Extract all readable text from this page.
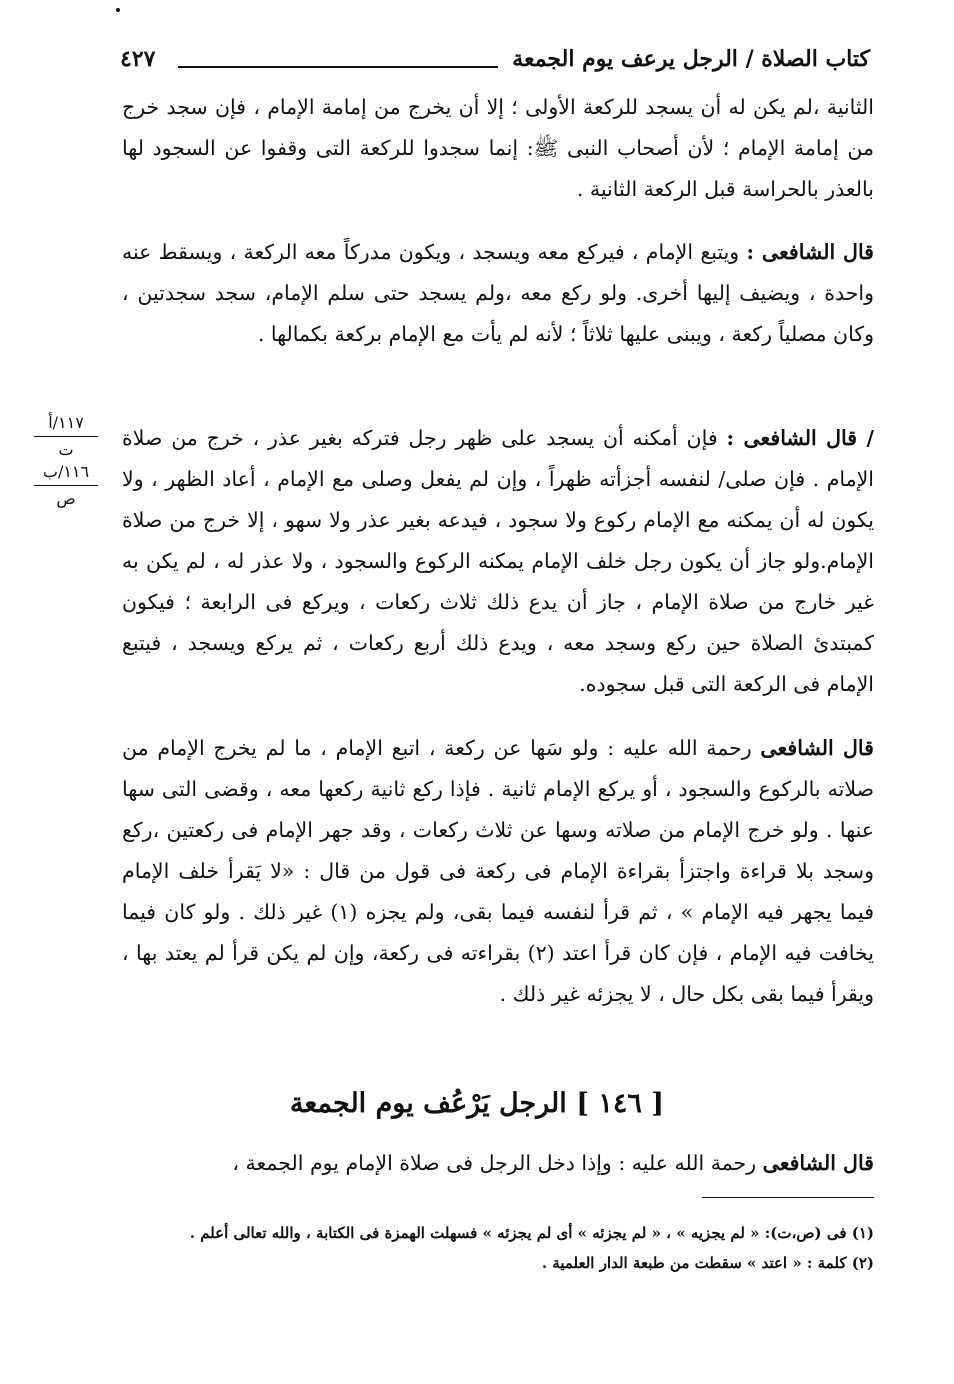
كتاب الصلاة / الرجل يرعف يوم الجمعة
٤٢٧
١١٧/أ
ت
١١٦/ب
ص

الثانية ،لم يكن له أن يسجد للركعة الأولى ؛ إلا أن يخرج من إمامة الإمام ، فإن سجد خرج من إمامة الإمام ؛ لأن أصحاب النبى ﷺ: إنما سجدوا للركعة التى وقفوا عن السجود لها بالعذر بالحراسة قبل الركعة الثانية .

قال الشافعى : ويتبع الإمام ، فيركع معه ويسجد ، ويكون مدركاً معه الركعة ، ويسقط عنه واحدة ، ويضيف إليها أخرى. ولو ركع معه ،ولم يسجد حتى سلم الإمام، سجد سجدتين ، وكان مصلياً ركعة ، ويبنى عليها ثلاثاً ؛ لأنه لم يأت مع الإمام بركعة بكمالها .

/ قال الشافعى : فإن أمكنه أن يسجد على ظهر رجل فتركه بغير عذر ، خرج من صلاة الإمام . فإن صلى/ لنفسه أجزأته ظهراً ، وإن لم يفعل وصلى مع الإمام ، أعاد الظهر ، ولا يكون له أن يمكنه مع الإمام ركوع ولا سجود ، فيدعه بغير عذر ولا سهو ، إلا خرج من صلاة الإمام.ولو جاز أن يكون رجل خلف الإمام يمكنه الركوع والسجود ، ولا عذر له ، لم يكن به غير خارج من صلاة الإمام ، جاز أن يدع ذلك ثلاث ركعات ، ويركع فى الرابعة ؛ فيكون كمبتدئ الصلاة حين ركع وسجد معه ، ويدع ذلك أربع ركعات ، ثم يركع ويسجد ، فيتبع الإمام فى الركعة التى قبل سجوده.

قال الشافعى رحمة الله عليه : ولو سَها عن ركعة ، اتبع الإمام ، ما لم يخرج الإمام من صلاته بالركوع والسجود ، أو يركع الإمام ثانية . فإذا ركع ثانية ركعها معه ، وقضى التى سها عنها . ولو خرج الإمام من صلاته وسها عن ثلاث ركعات ، وقد جهر الإمام فى ركعتين ،ركع وسجد بلا قراءة واجتزأ بقراءة الإمام فى ركعة فى قول من قال : «لا يَقرأ خلف الإمام فيما يجهر فيه الإمام » ، ثم قرأ لنفسه فيما بقى، ولم يجزه (١) غير ذلك . ولو كان فيما يخافت فيه الإمام ، فإن كان قرأ اعتد (٢) بقراءته فى ركعة، وإن لم يكن قرأ لم يعتد بها ، ويقرأ فيما بقى بكل حال ، لا يجزئه غير ذلك .

[ ١٤٦ ] الرجل يَرْعُف يوم الجمعة

قال الشافعى رحمة الله عليه : وإذا دخل الرجل فى صلاة الإمام يوم الجمعة ،

(١) فى (ص،ت): « لم يجزيه » ، « لم يجزئه » أى لم يجزئه » فسهلت الهمزة فى الكتابة ، والله تعالى أعلم .

(٢) كلمة : « اعتد » سقطت من طبعة الدار العلمية .
